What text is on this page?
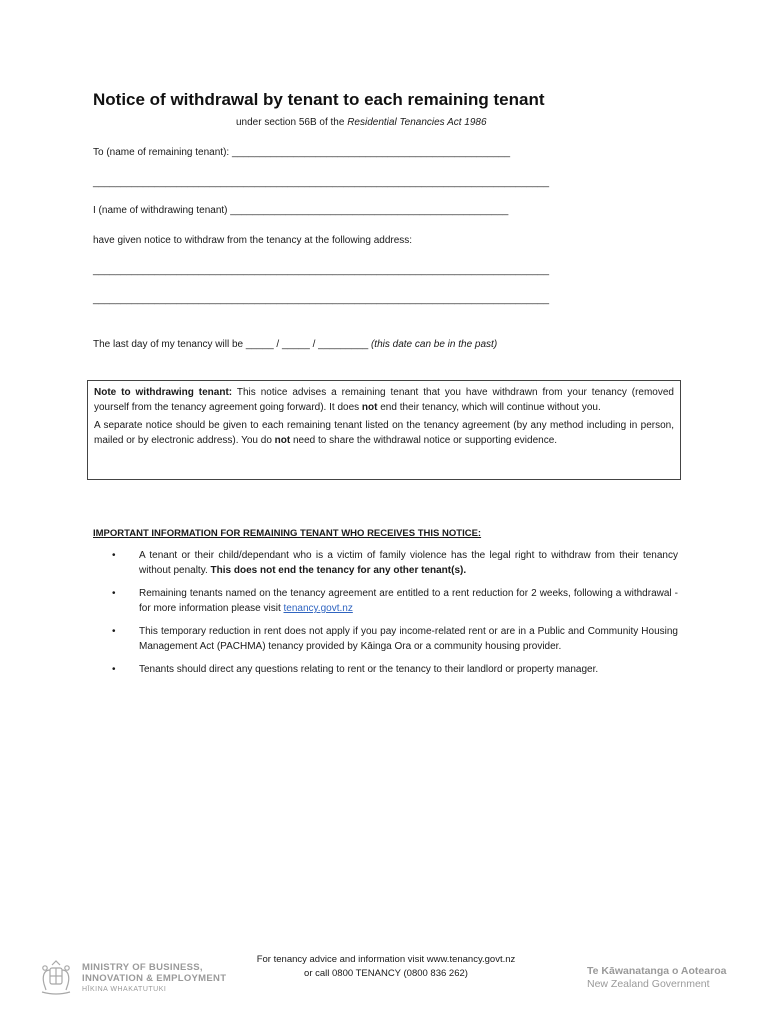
Notice of withdrawal by tenant to each remaining tenant
under section 56B of the Residential Tenancies Act 1986
To (name of remaining tenant): __________________________________________________
__________________________________________________________________________________
I (name of withdrawing tenant) __________________________________________________
have given notice to withdraw from the tenancy at the following address:
__________________________________________________________________________________
__________________________________________________________________________________
The last day of my tenancy will be _____ / _____ / _________ (this date can be in the past)

Note to withdrawing tenant: This notice advises a remaining tenant that you have withdrawn from your tenancy (removed yourself from the tenancy agreement going forward). It does not end their tenancy, which will continue without you.

A separate notice should be given to each remaining tenant listed on the tenancy agreement (by any method including in person, mailed or by electronic address). You do not need to share the withdrawal notice or supporting evidence.

IMPORTANT INFORMATION FOR REMAINING TENANT WHO RECEIVES THIS NOTICE:
• A tenant or their child/dependant who is a victim of family violence has the legal right to withdraw from their tenancy without penalty. This does not end the tenancy for any other tenant(s).
• Remaining tenants named on the tenancy agreement are entitled to a rent reduction for 2 weeks, following a withdrawal - for more information please visit tenancy.govt.nz
• This temporary reduction in rent does not apply if you pay income-related rent or are in a Public and Community Housing Management Act (PACHMA) tenancy provided by Kāinga Ora or a community housing provider.
• Tenants should direct any questions relating to rent or the tenancy to their landlord or property manager.
For tenancy advice and information visit www.tenancy.govt.nz
or call 0800 TENANCY (0800 836 262)
MINISTRY OF BUSINESS,
INNOVATION & EMPLOYMENT
HĪKINA WHAKATUTUKI
Te Kāwanatanga o Aotearoa
New Zealand Government
